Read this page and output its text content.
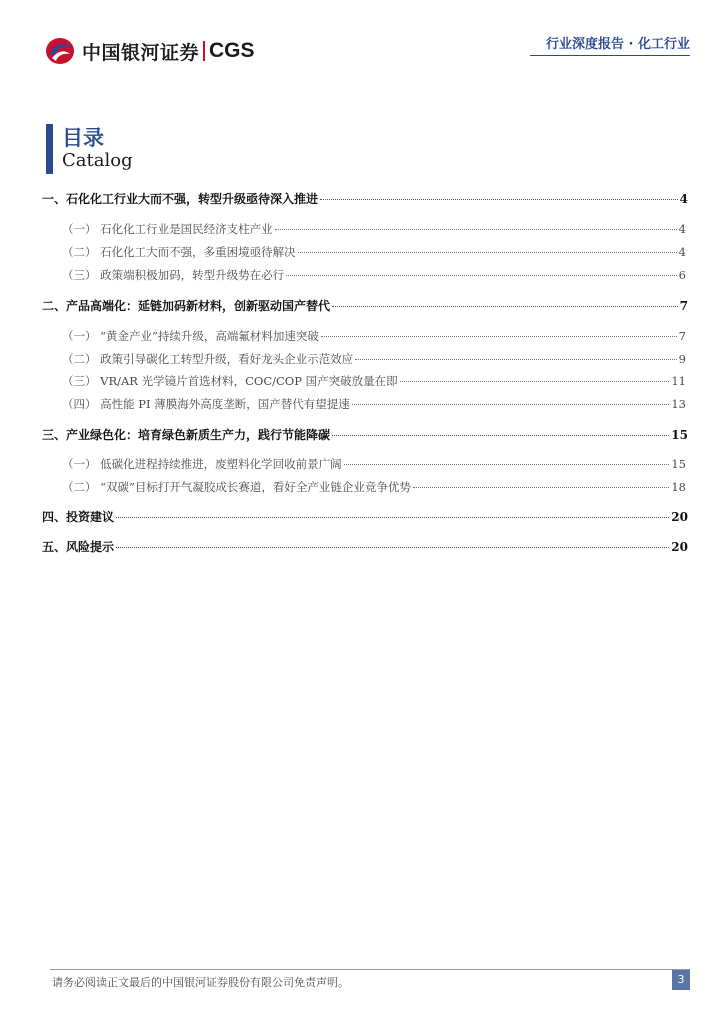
中国银河证券 CGS	行业深度报告 · 化工行业
目录
Catalog
一、石化化工行业大而不强，转型升级亟待深入推进	4
（一） 石化化工行业是国民经济支柱产业	4
（二） 石化化工大而不强，多重困境亟待解决	4
（三） 政策端积极加码，转型升级势在必行	6
二、产品高端化：延链加码新材料，创新驱动国产替代	7
（一） “黄金产业”持续升级，高端氟材料加速突破	7
（二） 政策引导碳化工转型升级，看好龙头企业示范效应	9
（三） VR/AR 光学镜片首选材料，COC/COP 国产突破放量在即	11
（四） 高性能 PI 薄膜海外高度垄断，国产替代有望提速	13
三、产业绿色化：培育绿色新质生产力，践行节能降碳	15
（一） 低碳化进程持续推进，废塑料化学回收前景广阔	15
（二） “双碳”目标打开气凝胶成长赛道，看好全产业链企业竞争优势	18
四、投资建议	20
五、风险提示	20
请务必阅读正文最后的中国银河证券股份有限公司免责声明。	3
